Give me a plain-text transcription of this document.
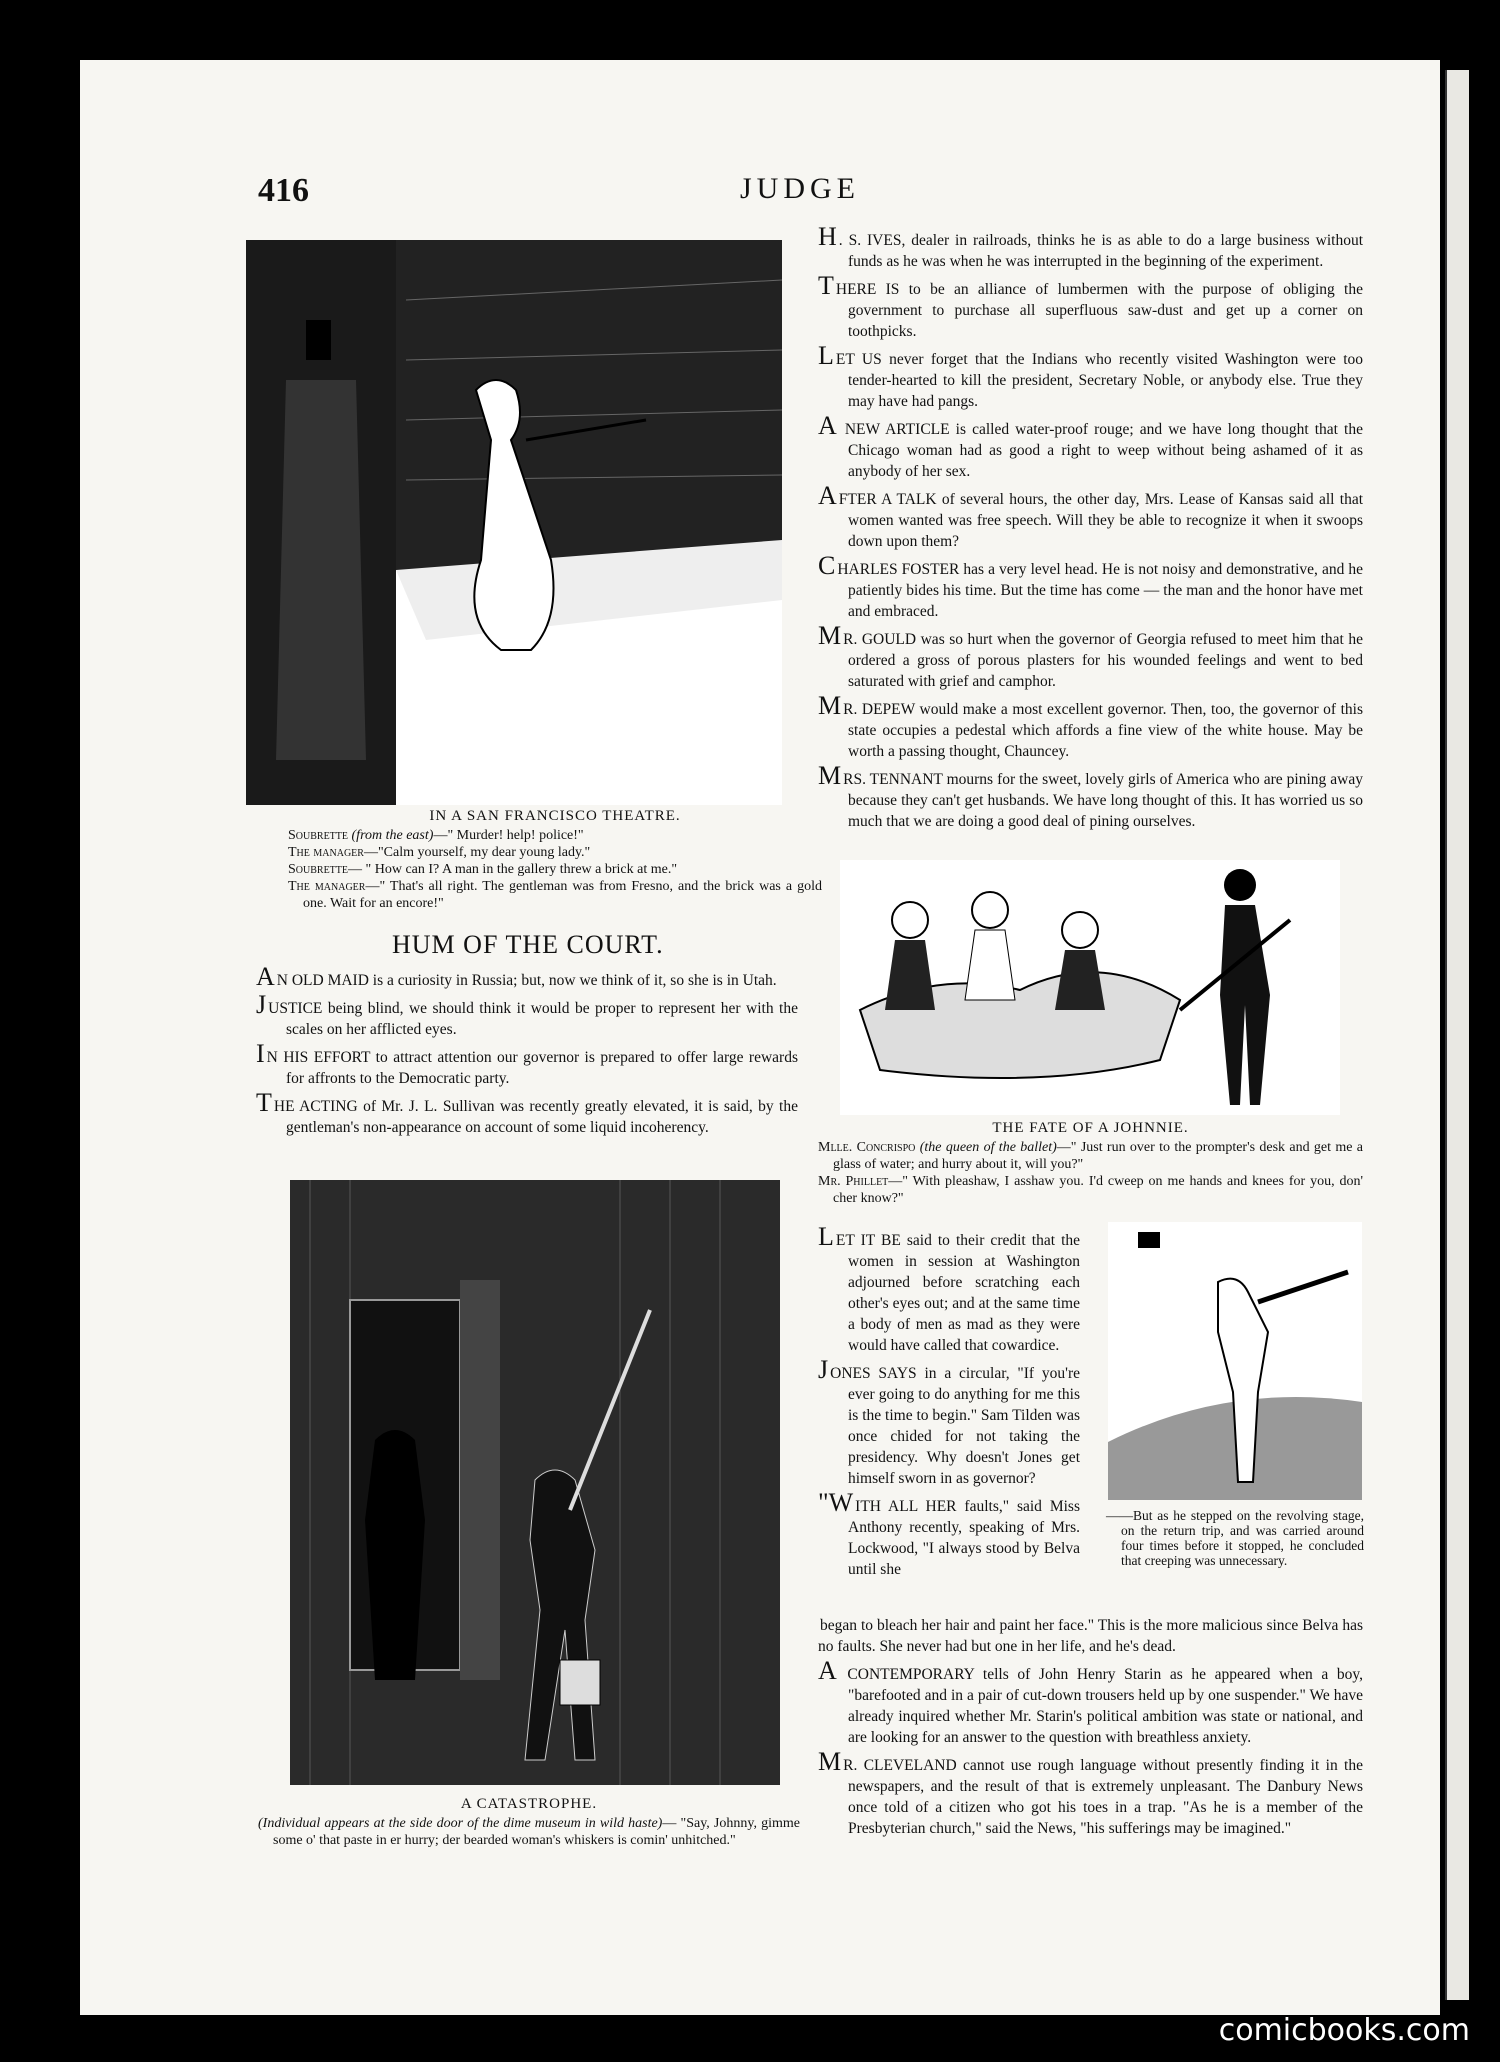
416	JUDGE
IN A SAN FRANCISCO THEATRE.

Soubrette (from the east)—" Murder! help! police!"

The manager—"Calm yourself, my dear young lady."

Soubrette— " How can I? A man in the gallery threw a brick at me."

The manager—" That's all right. The gentleman was from Fresno, and the brick was a gold one. Wait for an encore!"

HUM OF THE COURT.

A N OLD MAID is a curiosity in Russia; but, now we think of it, so she is in Utah.

JUSTICE being blind, we should think it would be proper to represent her with the scales on her afflicted eyes.

I N HIS EFFORT to attract attention our governor is prepared to offer large rewards for affronts to the Democratic party.

THE ACTING of Mr. J. L. Sullivan was recently greatly elevated, it is said, by the gentleman's non-appearance on account of some liquid incoherency.

A CATASTROPHE.

(Individual appears at the side door of the dime museum in wild haste)— "Say, Johnny, gimme some o' that paste in er hurry; der bearded woman's whiskers is comin' unhitched."

H . S. IVES, dealer in railroads, thinks he is as able to do a large business without funds as he was when he was interrupted in the beginning of the experiment.

THERE IS to be an alliance of lumbermen with the purpose of obliging the government to purchase all superfluous saw-dust and get up a corner on toothpicks.

LET US never forget that the Indians who recently visited Washington were too tender-hearted to kill the president, Secretary Noble, or anybody else. True they may have had pangs.

A NEW ARTICLE is called water-proof rouge; and we have long thought that the Chicago woman had as good a right to weep without being ashamed of it as anybody of her sex.

AFTER A TALK of several hours, the other day, Mrs. Lease of Kansas said all that women wanted was free speech. Will they be able to recognize it when it swoops down upon them?

CHARLES FOSTER has a very level head. He is not noisy and demonstrative, and he patiently bides his time. But the time has come — the man and the honor have met and embraced.

M R. GOULD was so hurt when the governor of Georgia refused to meet him that he ordered a gross of porous plasters for his wounded feelings and went to bed saturated with grief and camphor.

M R. DEPEW would make a most excellent governor. Then, too, the governor of this state occupies a pedestal which affords a fine view of the white house. May be worth a passing thought, Chauncey.

MRS. TENNANT mourns for the sweet, lovely girls of America who are pining away because they can't get husbands. We have long thought of this. It has worried us so much that we are doing a good deal of pining ourselves.

THE FATE OF A JOHNNIE.

Mlle. Concrispo (the queen of the ballet)—" Just run over to the prompter's desk and get me a glass of water; and hurry about it, will you?"

Mr. Phillet—" With pleashaw, I asshaw you. I'd cweep on me hands and knees for you, don' cher know?"

LET IT BE said to their credit that the women in session at Washington adjourned before scratching each other's eyes out; and at the same time a body of men as mad as they were would have called that cowardice.

JONES SAYS in a circular, "If you're ever going to do anything for me this is the time to begin." Sam Tilden was once chided for not taking the presidency. Why doesn't Jones get himself sworn in as governor?

"WITH ALL HER faults," said Miss Anthony recently, speaking of Mrs. Lockwood, "I always stood by Belva until she

——But as he stepped on the revolving stage, on the return trip, and was carried around four times before it stopped, he concluded that creeping was unnecessary.

began to bleach her hair and paint her face." This is the more malicious since Belva has no faults. She never had but one in her life, and he's dead.

A CONTEMPORARY tells of John Henry Starin as he appeared when a boy, "barefooted and in a pair of cut-down trousers held up by one suspender." We have already inquired whether Mr. Starin's political ambition was state or national, and are looking for an answer to the question with breathless anxiety.

M R. CLEVELAND cannot use rough language without presently finding it in the newspapers, and the result of that is extremely unpleasant. The Danbury News once told of a citizen who got his toes in a trap. "As he is a member of the Presbyterian church," said the News, "his sufferings may be imagined."

comicbooks.com
